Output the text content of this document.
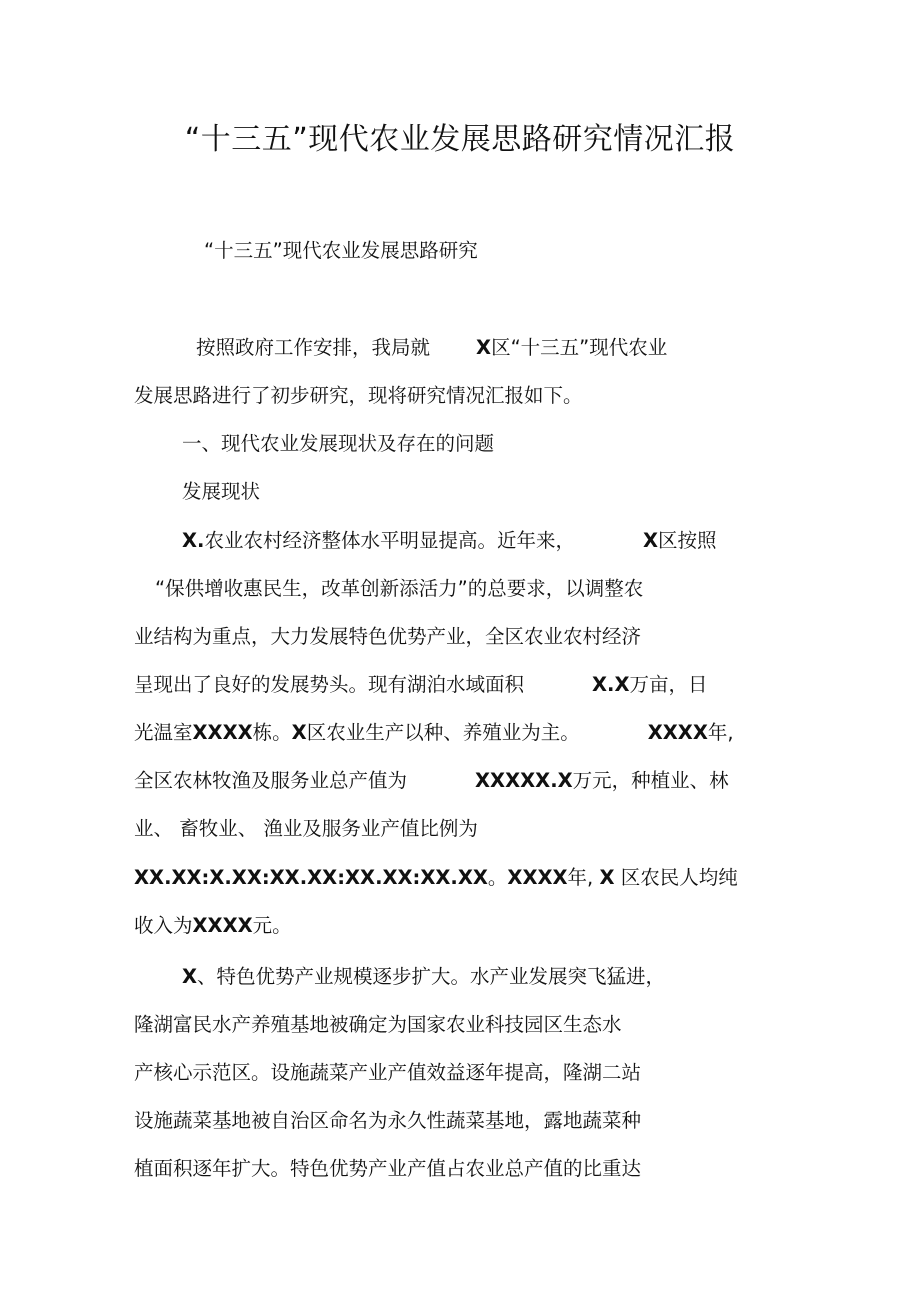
“十三五”现代农业发展思路研究情况汇报
“十三五”现代农业发展思路研究
按照政府工作安排，我局就 X区“十三五”现代农业
发展思路进行了初步研究，现将研究情况汇报如下。
一、现代农业发展现状及存在的问题
发展现状
X.农业农村经济整体水平明显提高。近年来，	X区按照
“保供增收惠民生，改革创新添活力”的总要求，以调整农
业结构为重点，大力发展特色优势产业，全区农业农村经济
呈现出了良好的发展势头。现有湖泊水域面积	X.X万亩，日
光温室XXXX栋。X区农业生产以种、养殖业为主。	XXXX年,
全区农林牧渔及服务业总产值为	XXXXX.X万元，种植业、林
业、 畜牧业、 渔业及服务业产值比例为
XX.XX:X.XX:XX.XX:XX.XX:XX.XX。XXXX年, X 区农民人均纯
收入为XXXX元。
X、特色优势产业规模逐步扩大。水产业发展突飞猛进，
隆湖富民水产养殖基地被确定为国家农业科技园区生态水
产核心示范区。设施蔬菜产业产值效益逐年提高，隆湖二站
设施蔬菜基地被自治区命名为永久性蔬菜基地，露地蔬菜种
植面积逐年扩大。特色优势产业产值占农业总产值的比重达
